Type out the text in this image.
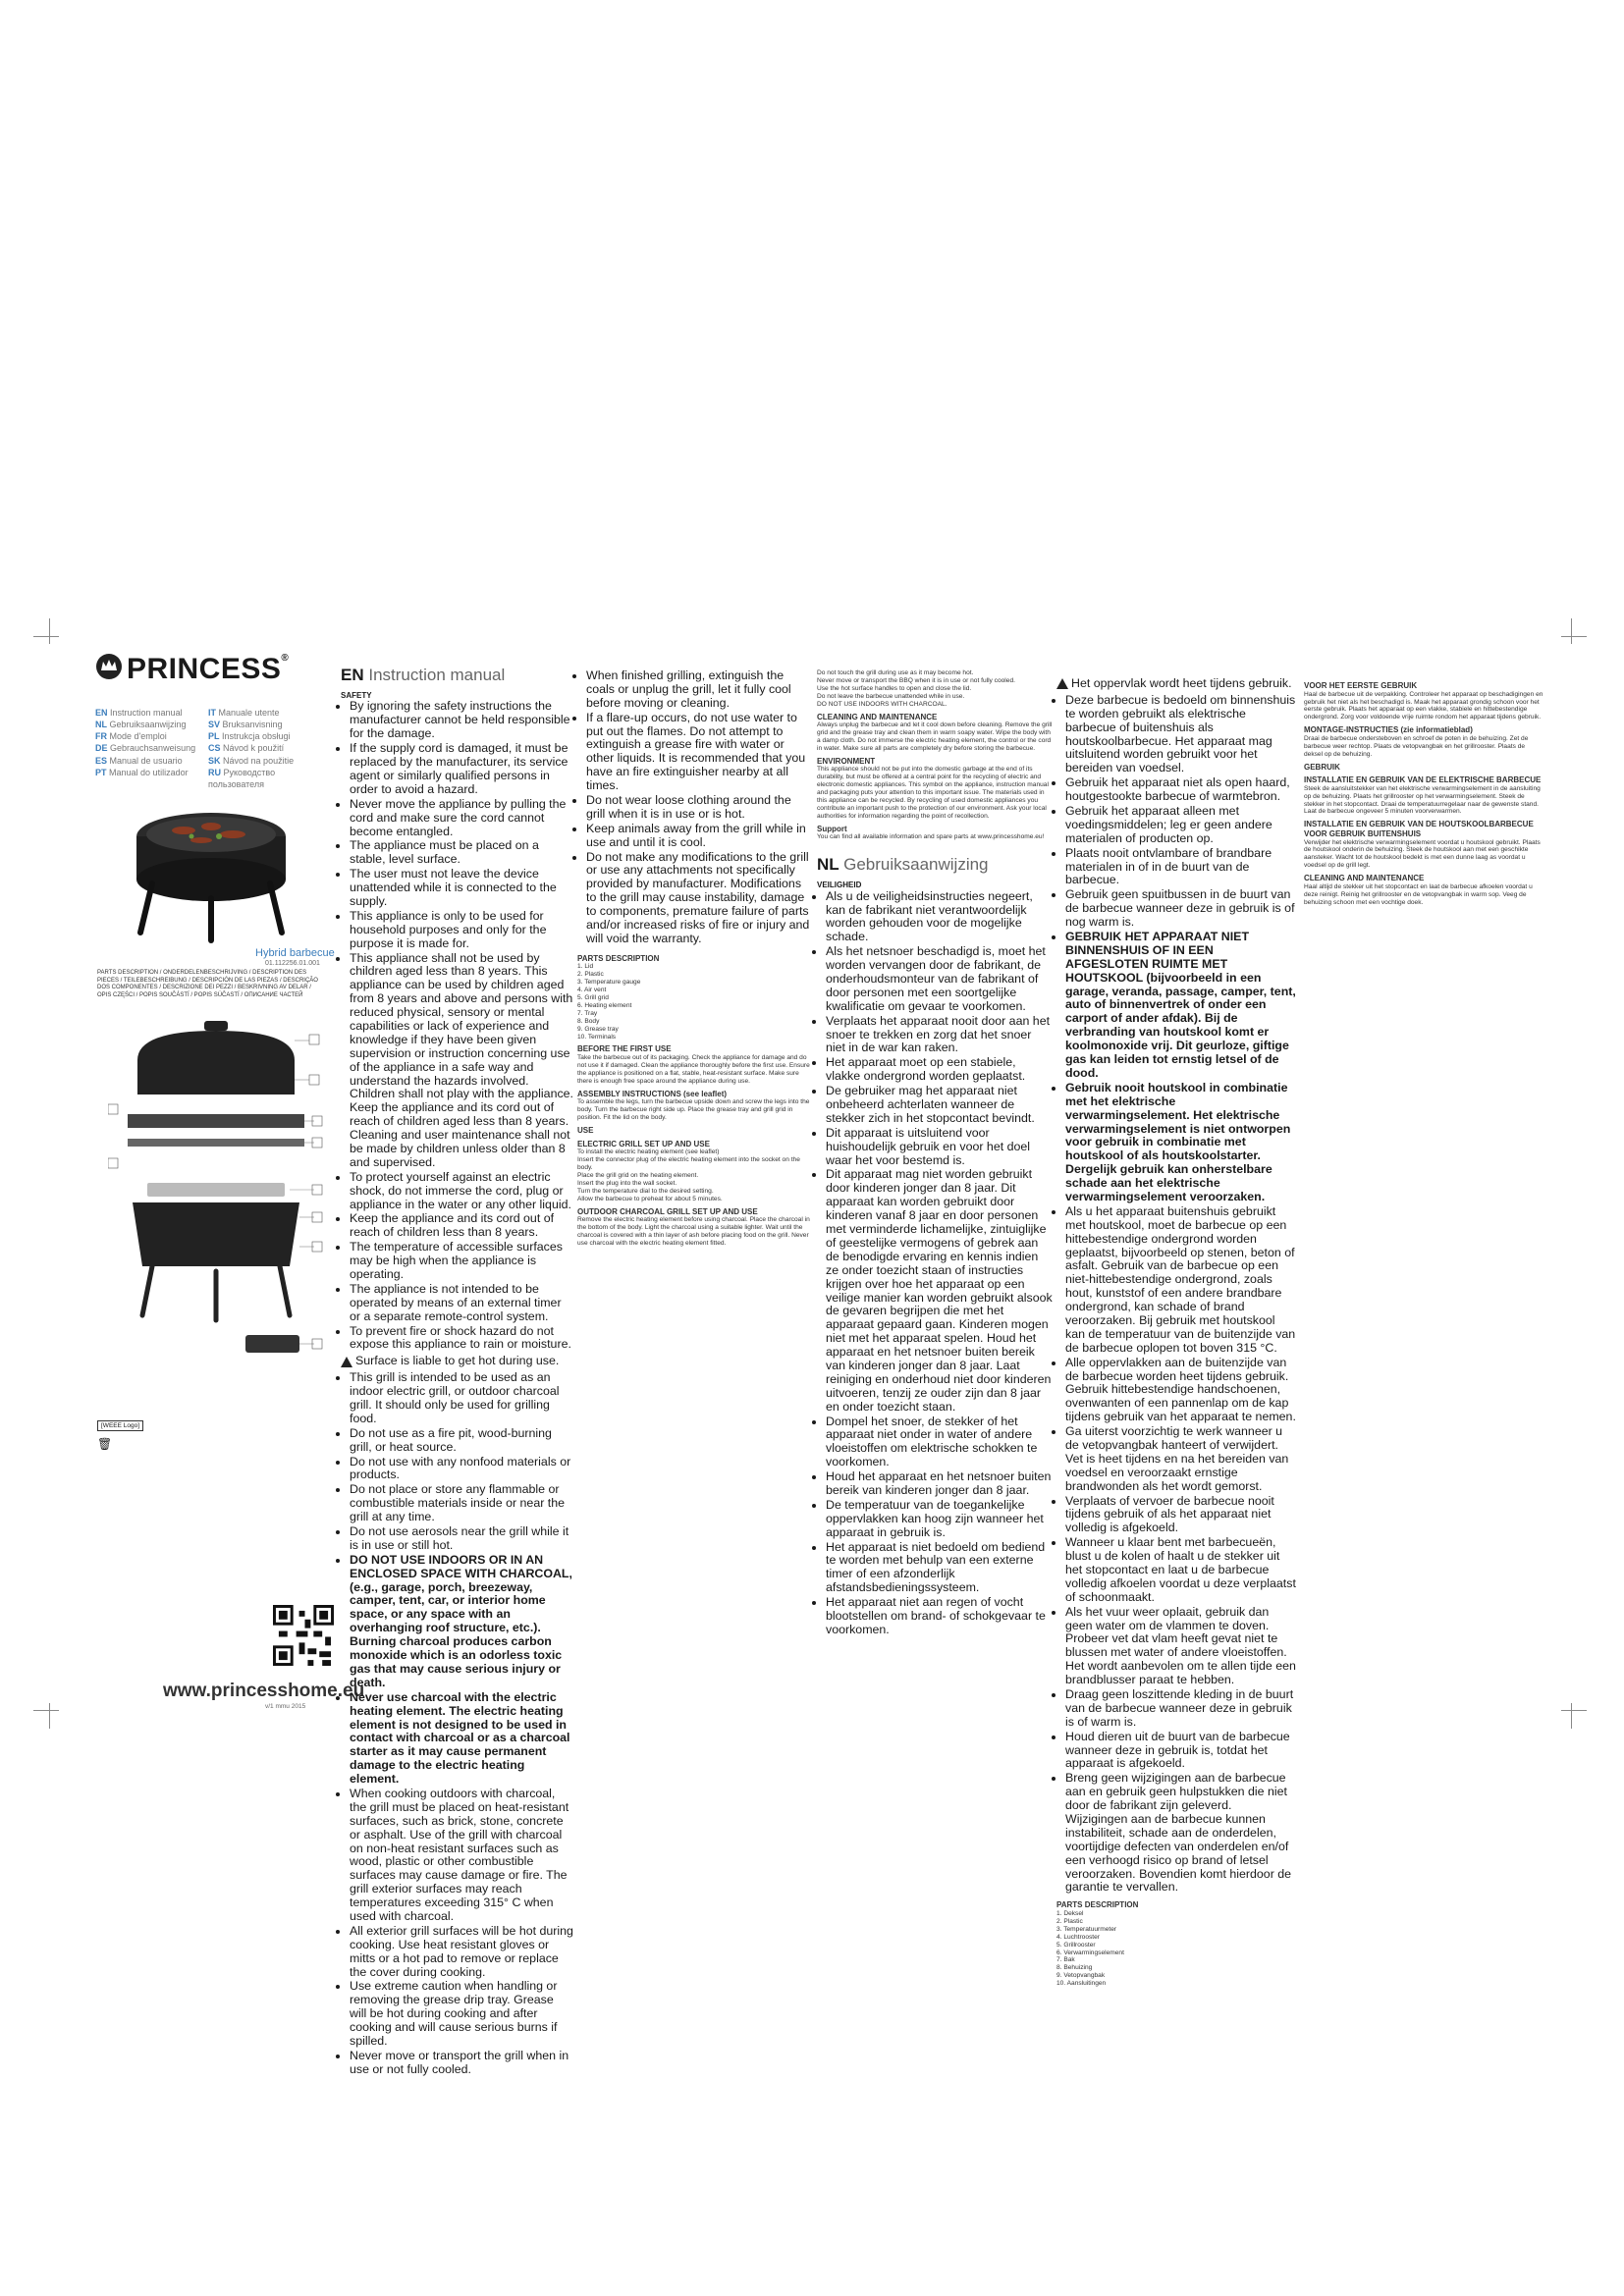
PRINCESS®
EN Instruction manual	IT Manuale utente
NL Gebruiksaanwijzing	SV Bruksanvisning
FR Mode d'emploi	PL Instrukcja obsługi
DE Gebrauchsanweisung	CS Návod k použití
ES Manual de usuario	SK Návod na použitie
PT Manual do utilizador	RU Руководство пользователя
Hybrid barbecue
01.112256.01.001
PARTS DESCRIPTION / ONDERDELENBESCHRIJVING / DESCRIPTION DES PIECES / TEILEBESCHREIBUNG / DESCRIPCIÓN DE LAS PIEZAS / DESCRIÇÃO DOS COMPONENTES / DESCRIZIONE DEI PEZZI / BESKRIVNING AV DELAR / OPIS CZĘŚCI / POPIS SOUČÁSTÍ / POPIS SÚČASTÍ / ОПИСАНИЕ ЧАСТЕЙ
[WEEE Logo]
🗑
www.princesshome.eu
v/1 mmu 2015
EN Instruction manual
SAFETY
• By ignoring the safety instructions the manufacturer cannot be held responsible for the damage.
• If the supply cord is damaged, it must be replaced by the manufacturer, its service agent or similarly qualified persons in order to avoid a hazard.
• Never move the appliance by pulling the cord and make sure the cord cannot become entangled.
• The appliance must be placed on a stable, level surface.
• The user must not leave the device unattended while it is connected to the supply.
• This appliance is only to be used for household purposes and only for the purpose it is made for.
• This appliance shall not be used by children aged less than 8 years. This appliance can be used by children aged from 8 years and above and persons with reduced physical, sensory or mental capabilities or lack of experience and knowledge if they have been given supervision or instruction concerning use of the appliance in a safe way and understand the hazards involved. Children shall not play with the appliance. Keep the appliance and its cord out of reach of children aged less than 8 years. Cleaning and user maintenance shall not be made by children unless older than 8 and supervised.
• To protect yourself against an electric shock, do not immerse the cord, plug or appliance in the water or any other liquid.
• Keep the appliance and its cord out of reach of children less than 8 years.
• The temperature of accessible surfaces may be high when the appliance is operating.
• The appliance is not intended to be operated by means of an external timer or a separate remote-control system.
• To prevent fire or shock hazard do not expose this appliance to rain or moisture.
Surface is liable to get hot during use.
• This grill is intended to be used as an indoor electric grill, or outdoor charcoal grill. It should only be used for grilling food.
• Do not use as a fire pit, wood-burning grill, or heat source.
• Do not use with any nonfood materials or products.
• Do not place or store any flammable or combustible materials inside or near the grill at any time.
• Do not use aerosols near the grill while it is in use or still hot.
• DO NOT USE INDOORS OR IN AN ENCLOSED SPACE WITH CHARCOAL, (e.g., garage, porch, breezeway, camper, tent, car, or interior home space, or any space with an overhanging roof structure, etc.). Burning charcoal produces carbon monoxide which is an odorless toxic gas that may cause serious injury or death.
• Never use charcoal with the electric heating element. The electric heating element is not designed to be used in contact with charcoal or as a charcoal starter as it may cause permanent damage to the electric heating element.
• When cooking outdoors with charcoal, the grill must be placed on heat-resistant surfaces, such as brick, stone, concrete or asphalt. Use of the grill with charcoal on non-heat resistant surfaces such as wood, plastic or other combustible surfaces may cause damage or fire. The grill exterior surfaces may reach temperatures exceeding 315° C when used with charcoal.
• All exterior grill surfaces will be hot during cooking. Use heat resistant gloves or mitts or a hot pad to remove or replace the cover during cooking.
• Use extreme caution when handling or removing the grease drip tray. Grease will be hot during cooking and after cooking and will cause serious burns if spilled.
• Never move or transport the grill when in use or not fully cooled.
• When finished grilling, extinguish the coals or unplug the grill, let it fully cool before moving or cleaning.
• If a flare-up occurs, do not use water to put out the flames. Do not attempt to extinguish a grease fire with water or other liquids. It is recommended that you have an fire extinguisher nearby at all times.
• Do not wear loose clothing around the grill when it is in use or is hot.
• Keep animals away from the grill while in use and until it is cool.
• Do not make any modifications to the grill or use any attachments not specifically provided by manufacturer. Modifications to the grill may cause instability, damage to components, premature failure of parts and/or increased risks of fire or injury and will void the warranty.
PARTS DESCRIPTION
1. Lid
2. Plastic
3. Temperature gauge
4. Air vent
5. Grill grid
6. Heating element
7. Tray
8. Body
9. Grease tray
10. Terminals
BEFORE THE FIRST USE

Take the barbecue out of its packaging. Check the appliance for damage and do not use it if damaged. Clean the appliance thoroughly before the first use. Ensure the appliance is positioned on a flat, stable, heat-resistant surface. Make sure there is enough free space around the appliance during use.

ASSEMBLY INSTRUCTIONS (see leaflet)

To assemble the legs, turn the barbecue upside down and screw the legs into the body. Turn the barbecue right side up. Place the grease tray and grill grid in position. Fit the lid on the body.

USE
ELECTRIC GRILL SET UP AND USE
To install the electric heating element (see leaflet)
Insert the connector plug of the electric heating element into the socket on the body.
Place the grill grid on the heating element.
Insert the plug into the wall socket.
Turn the temperature dial to the desired setting.
Allow the barbecue to preheat for about 5 minutes.
OUTDOOR CHARCOAL GRILL SET UP AND USE

Remove the electric heating element before using charcoal. Place the charcoal in the bottom of the body. Light the charcoal using a suitable lighter. Wait until the charcoal is covered with a thin layer of ash before placing food on the grill. Never use charcoal with the electric heating element fitted.

Do not touch the grill during use as it may become hot.
Never move or transport the BBQ when it is in use or not fully cooled.
Use the hot surface handles to open and close the lid.
Do not leave the barbecue unattended while in use.
DO NOT USE INDOORS WITH CHARCOAL.
CLEANING AND MAINTENANCE

Always unplug the barbecue and let it cool down before cleaning. Remove the grill grid and the grease tray and clean them in warm soapy water. Wipe the body with a damp cloth. Do not immerse the electric heating element, the control or the cord in water. Make sure all parts are completely dry before storing the barbecue.

ENVIRONMENT

This appliance should not be put into the domestic garbage at the end of its durability, but must be offered at a central point for the recycling of electric and electronic domestic appliances. This symbol on the appliance, instruction manual and packaging puts your attention to this important issue. The materials used in this appliance can be recycled. By recycling of used domestic appliances you contribute an important push to the protection of our environment. Ask your local authorities for information regarding the point of recollection.

Support

You can find all available information and spare parts at www.princesshome.eu!

NL Gebruiksaanwijzing
VEILIGHEID
• Als u de veiligheidsinstructies negeert, kan de fabrikant niet verantwoordelijk worden gehouden voor de mogelijke schade.
• Als het netsnoer beschadigd is, moet het worden vervangen door de fabrikant, de onderhoudsmonteur van de fabrikant of door personen met een soortgelijke kwalificatie om gevaar te voorkomen.
• Verplaats het apparaat nooit door aan het snoer te trekken en zorg dat het snoer niet in de war kan raken.
• Het apparaat moet op een stabiele, vlakke ondergrond worden geplaatst.
• De gebruiker mag het apparaat niet onbeheerd achterlaten wanneer de stekker zich in het stopcontact bevindt.
• Dit apparaat is uitsluitend voor huishoudelijk gebruik en voor het doel waar het voor bestemd is.
• Dit apparaat mag niet worden gebruikt door kinderen jonger dan 8 jaar. Dit apparaat kan worden gebruikt door kinderen vanaf 8 jaar en door personen met verminderde lichamelijke, zintuiglijke of geestelijke vermogens of gebrek aan de benodigde ervaring en kennis indien ze onder toezicht staan of instructies krijgen over hoe het apparaat op een veilige manier kan worden gebruikt alsook de gevaren begrijpen die met het apparaat gepaard gaan. Kinderen mogen niet met het apparaat spelen. Houd het apparaat en het netsnoer buiten bereik van kinderen jonger dan 8 jaar. Laat reiniging en onderhoud niet door kinderen uitvoeren, tenzij ze ouder zijn dan 8 jaar en onder toezicht staan.
• Dompel het snoer, de stekker of het apparaat niet onder in water of andere vloeistoffen om elektrische schokken te voorkomen.
• Houd het apparaat en het netsnoer buiten bereik van kinderen jonger dan 8 jaar.
• De temperatuur van de toegankelijke oppervlakken kan hoog zijn wanneer het apparaat in gebruik is.
• Het apparaat is niet bedoeld om bediend te worden met behulp van een externe timer of een afzonderlijk afstandsbedieningssysteem.
• Het apparaat niet aan regen of vocht blootstellen om brand- of schokgevaar te voorkomen.
Het oppervlak wordt heet tijdens gebruik.
• Deze barbecue is bedoeld om binnenshuis te worden gebruikt als elektrische barbecue of buitenshuis als houtskoolbarbecue. Het apparaat mag uitsluitend worden gebruikt voor het bereiden van voedsel.
• Gebruik het apparaat niet als open haard, houtgestookte barbecue of warmtebron.
• Gebruik het apparaat alleen met voedingsmiddelen; leg er geen andere materialen of producten op.
• Plaats nooit ontvlambare of brandbare materialen in of in de buurt van de barbecue.
• Gebruik geen spuitbussen in de buurt van de barbecue wanneer deze in gebruik is of nog warm is.
• GEBRUIK HET APPARAAT NIET BINNENSHUIS OF IN EEN AFGESLOTEN RUIMTE MET HOUTSKOOL (bijvoorbeeld in een garage, veranda, passage, camper, tent, auto of binnenvertrek of onder een carport of ander afdak). Bij de verbranding van houtskool komt er koolmonoxide vrij. Dit geurloze, giftige gas kan leiden tot ernstig letsel of de dood.
• Gebruik nooit houtskool in combinatie met het elektrische verwarmingselement. Het elektrische verwarmingselement is niet ontworpen voor gebruik in combinatie met houtskool of als houtskoolstarter. Dergelijk gebruik kan onherstelbare schade aan het elektrische verwarmingselement veroorzaken.
• Als u het apparaat buitenshuis gebruikt met houtskool, moet de barbecue op een hittebestendige ondergrond worden geplaatst, bijvoorbeeld op stenen, beton of asfalt. Gebruik van de barbecue op een niet-hittebestendige ondergrond, zoals hout, kunststof of een andere brandbare ondergrond, kan schade of brand veroorzaken. Bij gebruik met houtskool kan de temperatuur van de buitenzijde van de barbecue oplopen tot boven 315 °C.
• Alle oppervlakken aan de buitenzijde van de barbecue worden heet tijdens gebruik. Gebruik hittebestendige handschoenen, ovenwanten of een pannenlap om de kap tijdens gebruik van het apparaat te nemen.
• Ga uiterst voorzichtig te werk wanneer u de vetopvangbak hanteert of verwijdert. Vet is heet tijdens en na het bereiden van voedsel en veroorzaakt ernstige brandwonden als het wordt gemorst.
• Verplaats of vervoer de barbecue nooit tijdens gebruik of als het apparaat niet volledig is afgekoeld.
• Wanneer u klaar bent met barbecueën, blust u de kolen of haalt u de stekker uit het stopcontact en laat u de barbecue volledig afkoelen voordat u deze verplaatst of schoonmaakt.
• Als het vuur weer oplaait, gebruik dan geen water om de vlammen te doven. Probeer vet dat vlam heeft gevat niet te blussen met water of andere vloeistoffen. Het wordt aanbevolen om te allen tijde een brandblusser paraat te hebben.
• Draag geen loszittende kleding in de buurt van de barbecue wanneer deze in gebruik is of warm is.
• Houd dieren uit de buurt van de barbecue wanneer deze in gebruik is, totdat het apparaat is afgekoeld.
• Breng geen wijzigingen aan de barbecue aan en gebruik geen hulpstukken die niet door de fabrikant zijn geleverd. Wijzigingen aan de barbecue kunnen instabiliteit, schade aan de onderdelen, voortijdige defecten van onderdelen en/of een verhoogd risico op brand of letsel veroorzaken. Bovendien komt hierdoor de garantie te vervallen.
PARTS DESCRIPTION
1. Deksel
2. Plastic
3. Temperatuurmeter
4. Luchtrooster
5. Grillrooster
6. Verwarmingselement
7. Bak
8. Behuizing
9. Vetopvangbak
10. Aansluitingen
VOOR HET EERSTE GEBRUIK

Haal de barbecue uit de verpakking. Controleer het apparaat op beschadigingen en gebruik het niet als het beschadigd is. Maak het apparaat grondig schoon voor het eerste gebruik. Plaats het apparaat op een vlakke, stabiele en hittebestendige ondergrond. Zorg voor voldoende vrije ruimte rondom het apparaat tijdens gebruik.

MONTAGE-INSTRUCTIES (zie informatieblad)

Draai de barbecue ondersteboven en schroef de poten in de behuizing. Zet de barbecue weer rechtop. Plaats de vetopvangbak en het grillrooster. Plaats de deksel op de behuizing.

GEBRUIK
INSTALLATIE EN GEBRUIK VAN DE ELEKTRISCHE BARBECUE

Steek de aansluitstekker van het elektrische verwarmingselement in de aansluiting op de behuizing. Plaats het grillrooster op het verwarmingselement. Steek de stekker in het stopcontact. Draai de temperatuurregelaar naar de gewenste stand. Laat de barbecue ongeveer 5 minuten voorverwarmen.

INSTALLATIE EN GEBRUIK VAN DE HOUTSKOOLBARBECUE VOOR GEBRUIK BUITENSHUIS

Verwijder het elektrische verwarmingselement voordat u houtskool gebruikt. Plaats de houtskool onderin de behuizing. Steek de houtskool aan met een geschikte aansteker. Wacht tot de houtskool bedekt is met een dunne laag as voordat u voedsel op de grill legt.

CLEANING AND MAINTENANCE

Haal altijd de stekker uit het stopcontact en laat de barbecue afkoelen voordat u deze reinigt. Reinig het grillrooster en de vetopvangbak in warm sop. Veeg de behuizing schoon met een vochtige doek.
